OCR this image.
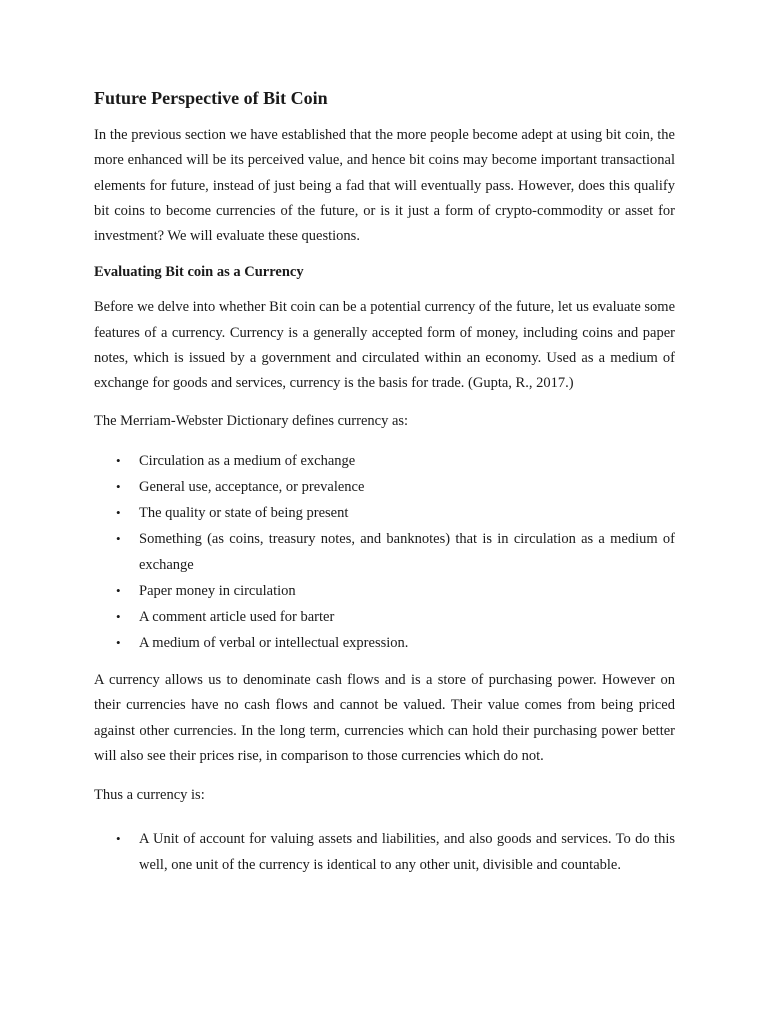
Future Perspective of Bit Coin

In the previous section we have established that the more people become adept at using bit coin, the more enhanced will be its perceived value, and hence bit coins may become important transactional elements for future, instead of just being a fad that will eventually pass. However, does this qualify bit coins to become currencies of the future, or is it just a form of crypto-commodity or asset for investment? We will evaluate these questions.

Evaluating Bit coin as a Currency

Before we delve into whether Bit coin can be a potential currency of the future, let us evaluate some features of a currency. Currency is a generally accepted form of money, including coins and paper notes, which is issued by a government and circulated within an economy. Used as a medium of exchange for goods and services, currency is the basis for trade. (Gupta, R., 2017.)

The Merriam-Webster Dictionary defines currency as:

• Circulation as a medium of exchange
• General use, acceptance, or prevalence
• The quality or state of being present
• Something (as coins, treasury notes, and banknotes) that is in circulation as a medium of exchange
• Paper money in circulation
• A comment article used for barter
• A medium of verbal or intellectual expression.

A currency allows us to denominate cash flows and is a store of purchasing power. However on their currencies have no cash flows and cannot be valued. Their value comes from being priced against other currencies. In the long term, currencies which can hold their purchasing power better will also see their prices rise, in comparison to those currencies which do not.

Thus a currency is:

• A Unit of account for valuing assets and liabilities, and also goods and services. To do this well, one unit of the currency is identical to any other unit, divisible and countable.
